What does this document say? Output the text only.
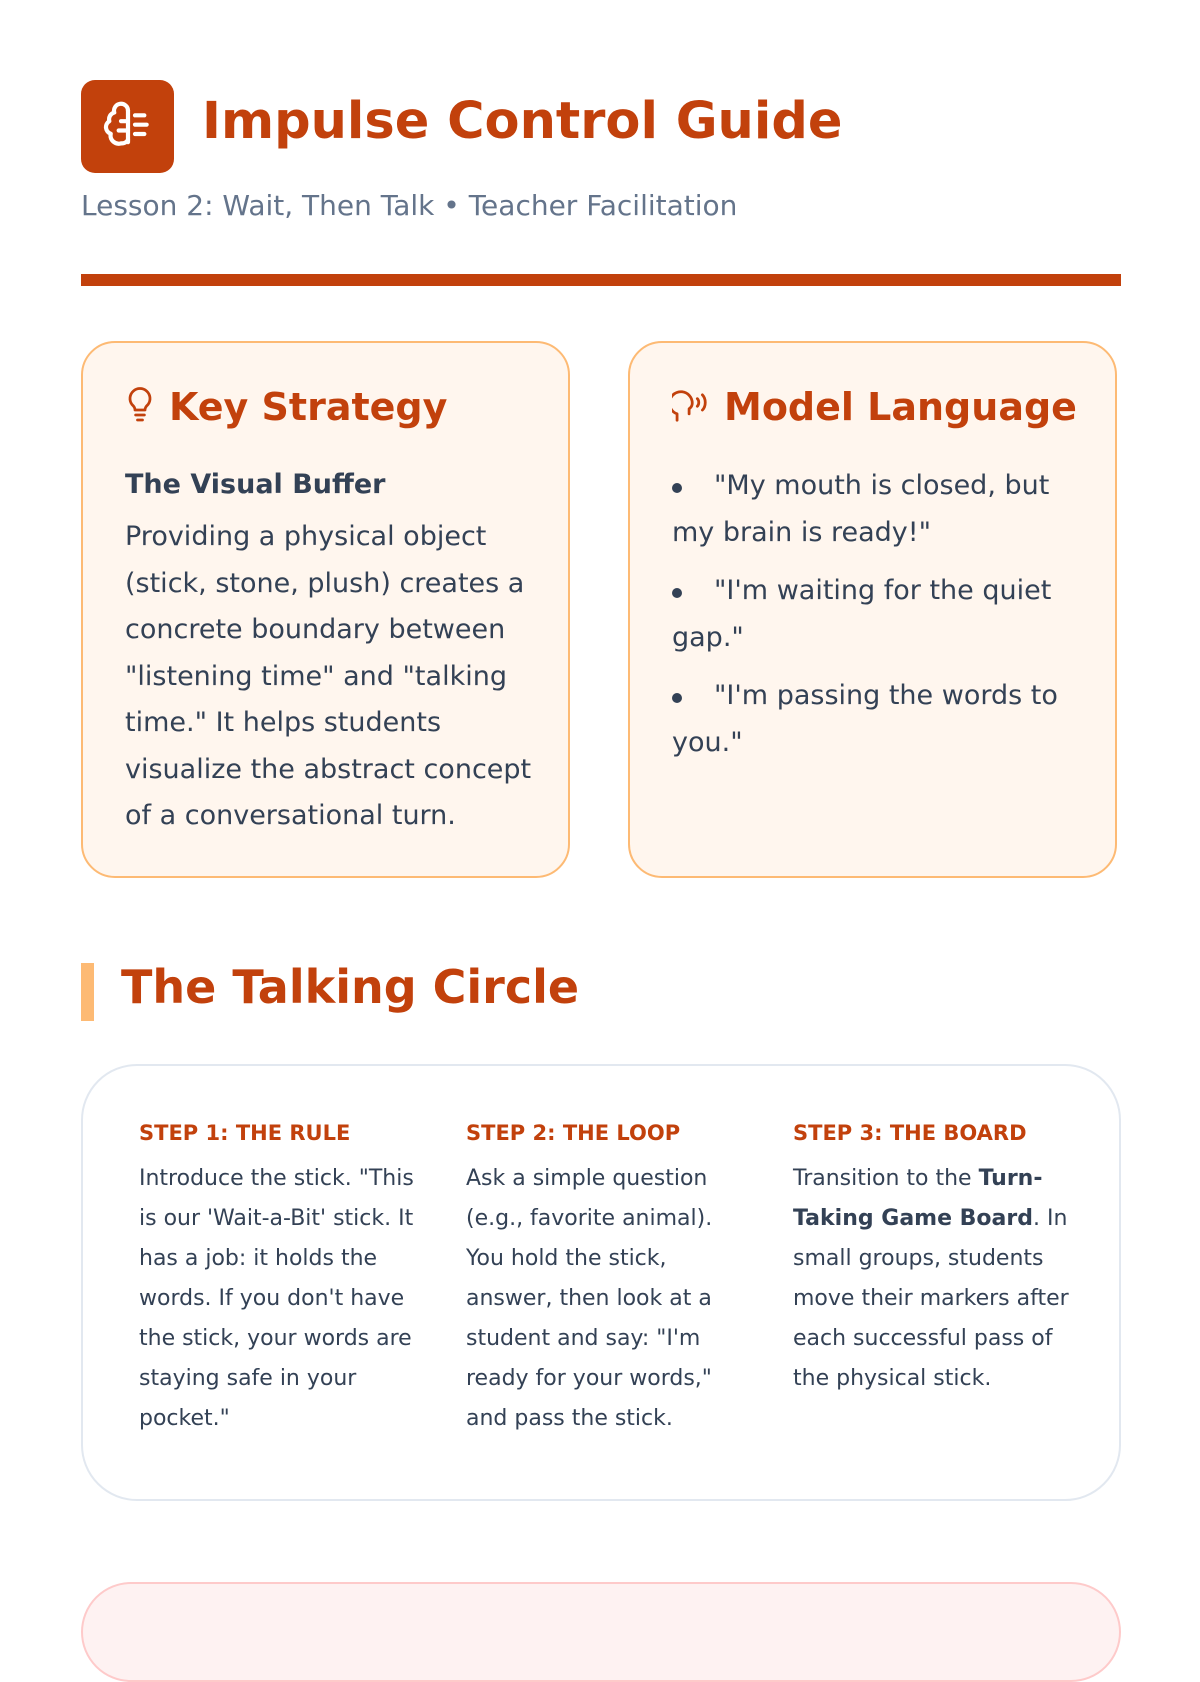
Impulse Control Guide

Lesson 2: Wait, Then Talk • Teacher Facilitation

Key Strategy

The Visual Buffer

Providing a physical object (stick, stone, plush) creates a concrete boundary between "listening time" and "talking time." It helps students visualize the abstract concept of a conversational turn.

Model Language
"My mouth is closed, but my brain is ready!"
"I'm waiting for the quiet gap."
"I'm passing the words to you."
The Talking Circle

STEP 1: THE RULE

Introduce the stick. "This is our 'Wait-a-Bit' stick. It has a job: it holds the words. If you don't have the stick, your words are staying safe in your pocket."

STEP 2: THE LOOP

Ask a simple question (e.g., favorite animal). You hold the stick, answer, then look at a student and say: "I'm ready for your words," and pass the stick.

STEP 3: THE BOARD

Transition to the Turn-Taking Game Board. In small groups, students move their markers after each successful pass of the physical stick.
